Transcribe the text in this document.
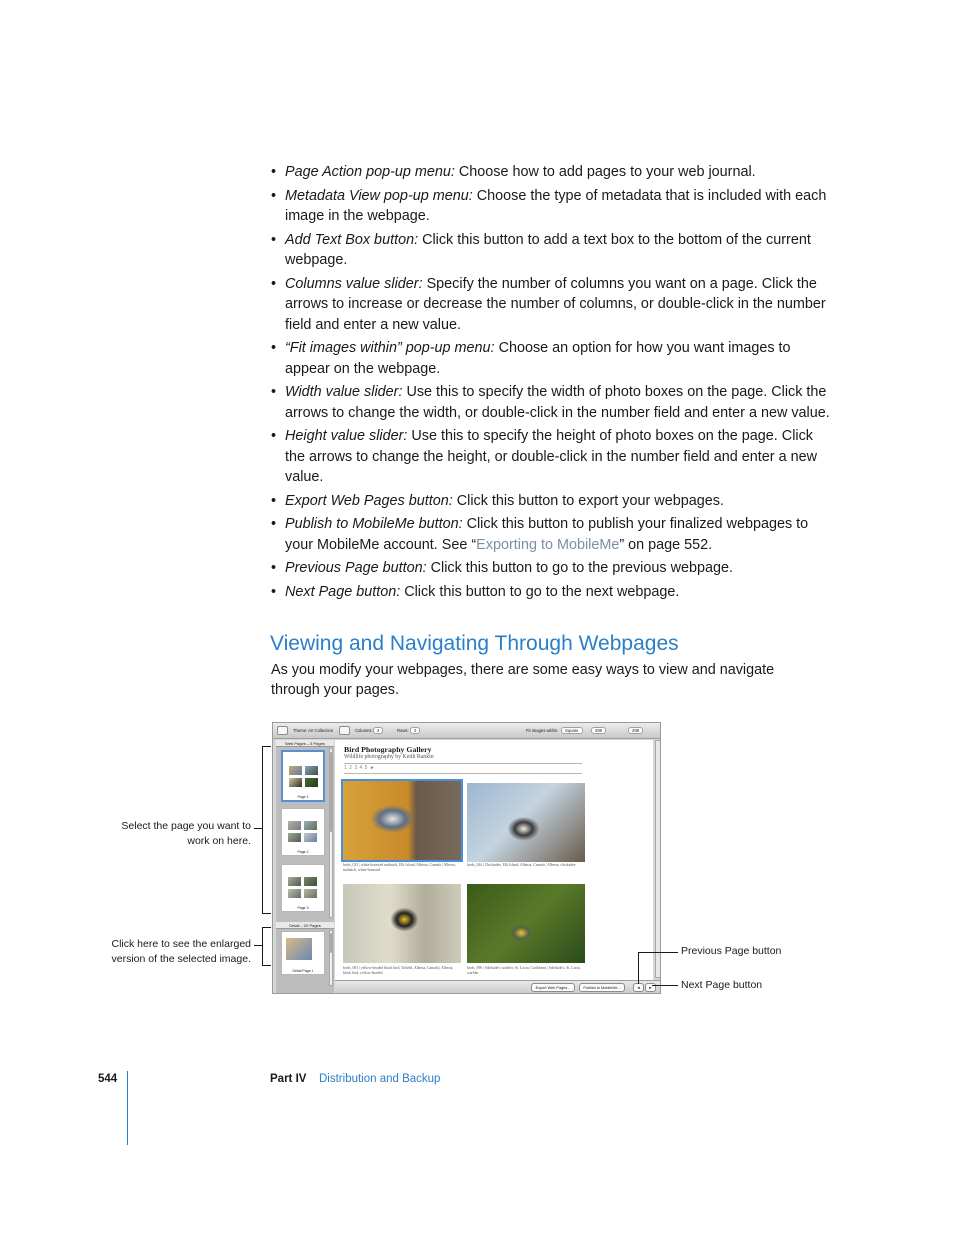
• Page Action pop-up menu: Choose how to add pages to your web journal.
• Metadata View pop-up menu: Choose the type of metadata that is included with each image in the webpage.
• Add Text Box button: Click this button to add a text box to the bottom of the current webpage.
• Columns value slider: Specify the number of columns you want on a page. Click the arrows to increase or decrease the number of columns, or double-click in the number field and enter a new value.
• “Fit images within” pop-up menu: Choose an option for how you want images to appear on the webpage.
• Width value slider: Use this to specify the width of photo boxes on the page. Click the arrows to change the width, or double-click in the number field and enter a new value.
• Height value slider: Use this to specify the height of photo boxes on the page. Click the arrows to change the height, or double-click in the number field and enter a new value.
• Export Web Pages button: Click this button to export your webpages.
• Publish to MobileMe button: Click this button to publish your finalized webpages to your MobileMe account. See “Exporting to MobileMe” on page 552.
• Previous Page button: Click this button to go to the previous webpage.
• Next Page button: Click this button to go to the next webpage.
Viewing and Navigating Through Webpages

As you modify your webpages, there are some easy ways to view and navigate through your pages.

Theme: Art Collection	Columns:	2	Rows:	2	Fit images within:	Square	298	298
Web Pages – 5 Pages
Page 1
Page 2
Page 3
Detail – 20 Pages
Detail Page 1
Bird Photography Gallery
Wildlife photography by Keith Rankin
1 2 3 4 5 ►
birds_033 | white-breasted nuthatch, Elk Island, Alberta, Canada | Alberta, nuthatch, white-breasted
birds_044 | Chickadee, Elk Island, Alberta, Canada | Alberta, chickadee
birds_081 | yellow-headed black bird, Tofield, Alberta, Canada | Alberta, black bird, yellow-headed
birds_096 | Adelaide's warbler, St. Lucia, Caribbean | Adelaide's, St. Lucia, warbler
Export Web Pages...	Publish to MobileMe...	◄	►
Select the page you want to work on here.
Click here to see the enlarged version of the selected image.
Previous Page button
Next Page button
544	Part IV Distribution and Backup
